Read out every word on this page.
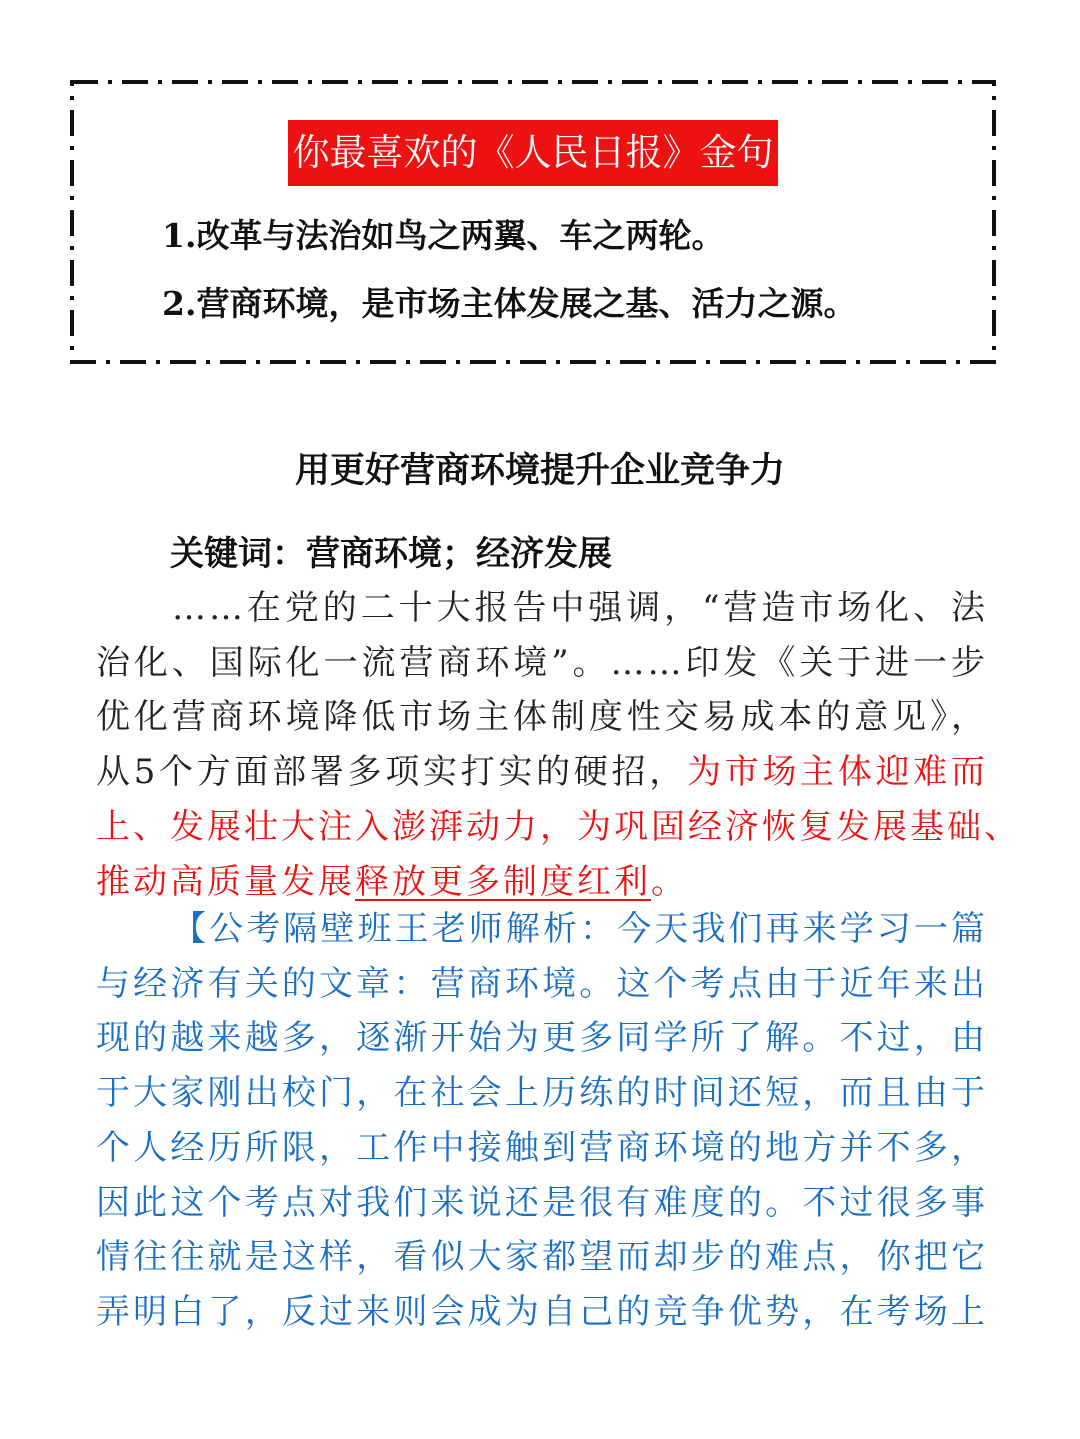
你最喜欢的《人民日报》金句
1.改革与法治如鸟之两翼、车之两轮。
2.营商环境，是市场主体发展之基、活力之源。
用更好营商环境提升企业竞争力
关键词：营商环境；经济发展
……在党的二十大报告中强调，“营造市场化、法
治化、国际化一流营商环境”。……印发《关于进一步
优化营商环境降低市场主体制度性交易成本的意见》，
从5个方面部署多项实打实的硬招，为市场主体迎难而
上、发展壮大注入澎湃动力，为巩固经济恢复发展基础、
推动高质量发展释放更多制度红利。
【公考隔壁班王老师解析：今天我们再来学习一篇
与经济有关的文章：营商环境。这个考点由于近年来出
现的越来越多，逐渐开始为更多同学所了解。不过，由
于大家刚出校门，在社会上历练的时间还短，而且由于
个人经历所限，工作中接触到营商环境的地方并不多，
因此这个考点对我们来说还是很有难度的。不过很多事
情往往就是这样，看似大家都望而却步的难点，你把它
弄明白了，反过来则会成为自己的竞争优势，在考场上
